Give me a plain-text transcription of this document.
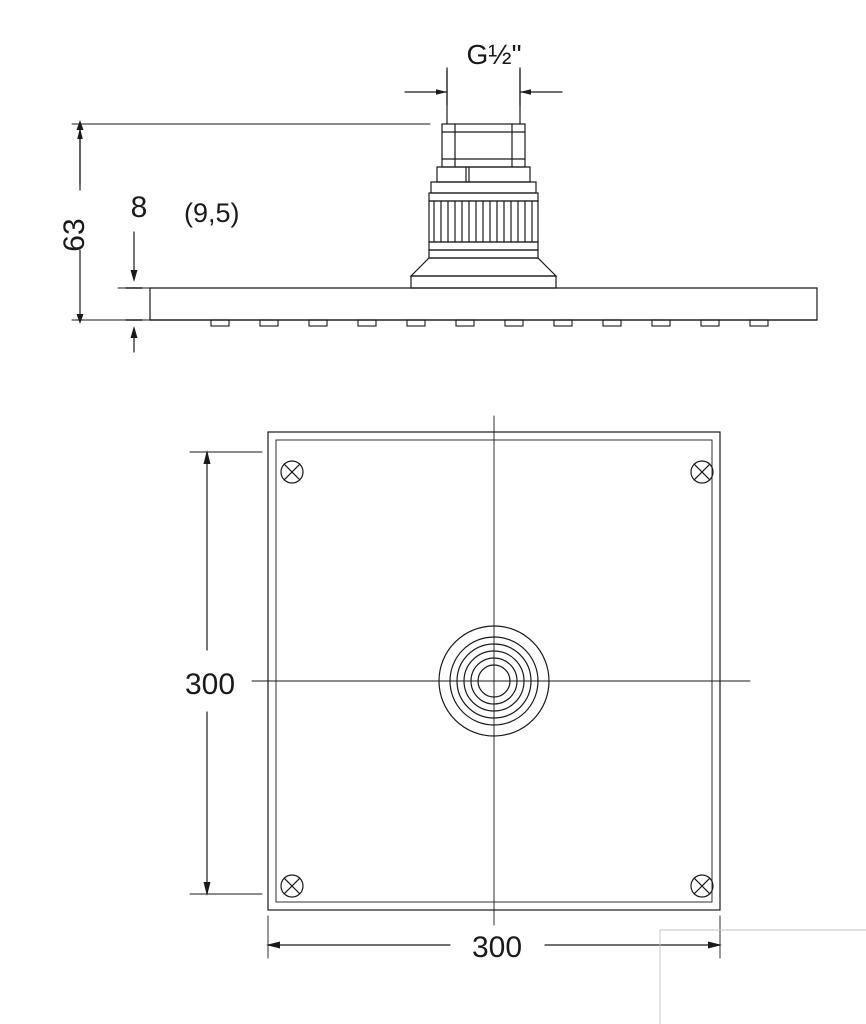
G½"
63
8 (9,5)
300
300
